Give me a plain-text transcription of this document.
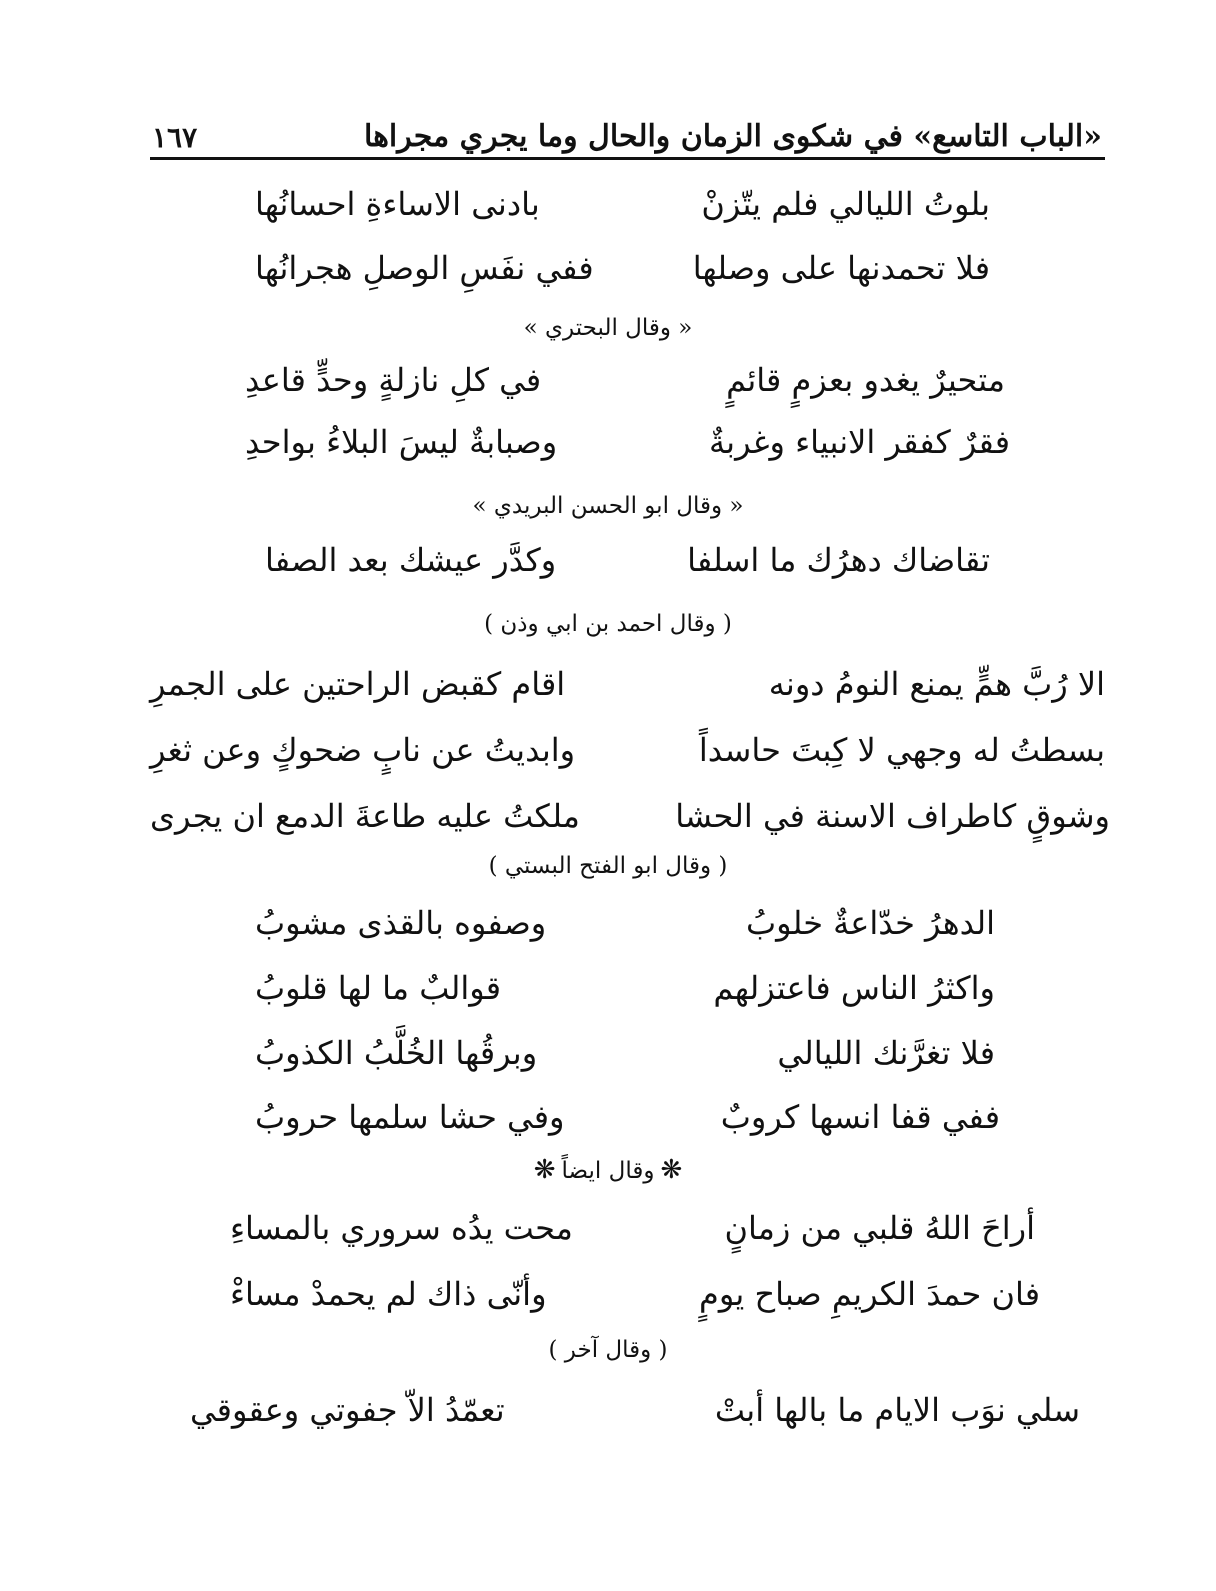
«الباب التاسع» في شكوى الزمان والحال وما يجري مجراها
١٦٧
بلوتُ الليالي فلم يتّزنْ
بادنى الاساءةِ احسانُها
فلا تحمدنها على وصلها
ففي نفَسِ الوصلِ هجرانُها
« وقال البحتري »
متحيرٌ يغدو بعزمٍ قائمٍ
في كلِ نازلةٍ وحدٍّ قاعدِ
فقرٌ كفقر الانبياء وغربةٌ
وصبابةٌ ليسَ البلاءُ بواحدِ
« وقال ابو الحسن البريدي »
تقاضاك دهرُك ما اسلفا
وكدَّر عيشك بعد الصفا
( وقال احمد بن ابي وذن )
الا رُبَّ همٍّ يمنع النومُ دونه
اقام كقبض الراحتين على الجمرِ
بسطتُ له وجهي لا كِبتَ حاسداً
وابديتُ عن نابٍ ضحوكٍ وعن ثغرِ
وشوقٍ كاطراف الاسنة في الحشا
ملكتُ عليه طاعةَ الدمع ان يجرى
( وقال ابو الفتح البستي )
الدهرُ خدّاعةٌ خلوبُ
وصفوه بالقذى مشوبُ
واكثرُ الناس فاعتزلهم
قوالبٌ ما لها قلوبُ
فلا تغرَّنك الليالي
وبرقُها الخُلَّبُ الكذوبُ
ففي قفا انسها كروبٌ
وفي حشا سلمها حروبُ
❋وقال ايضاً❋
أراحَ اللهُ قلبي من زمانٍ
محت يدُه سروري بالمساءِ
فان حمدَ الكريمِ صباح يومٍ
وأنّى ذاك لم يحمدْ مساءْ
( وقال آخر )
سلي نوَب الايام ما بالها أبتْ
تعمّدُ الاّ جفوتي وعقوقي
